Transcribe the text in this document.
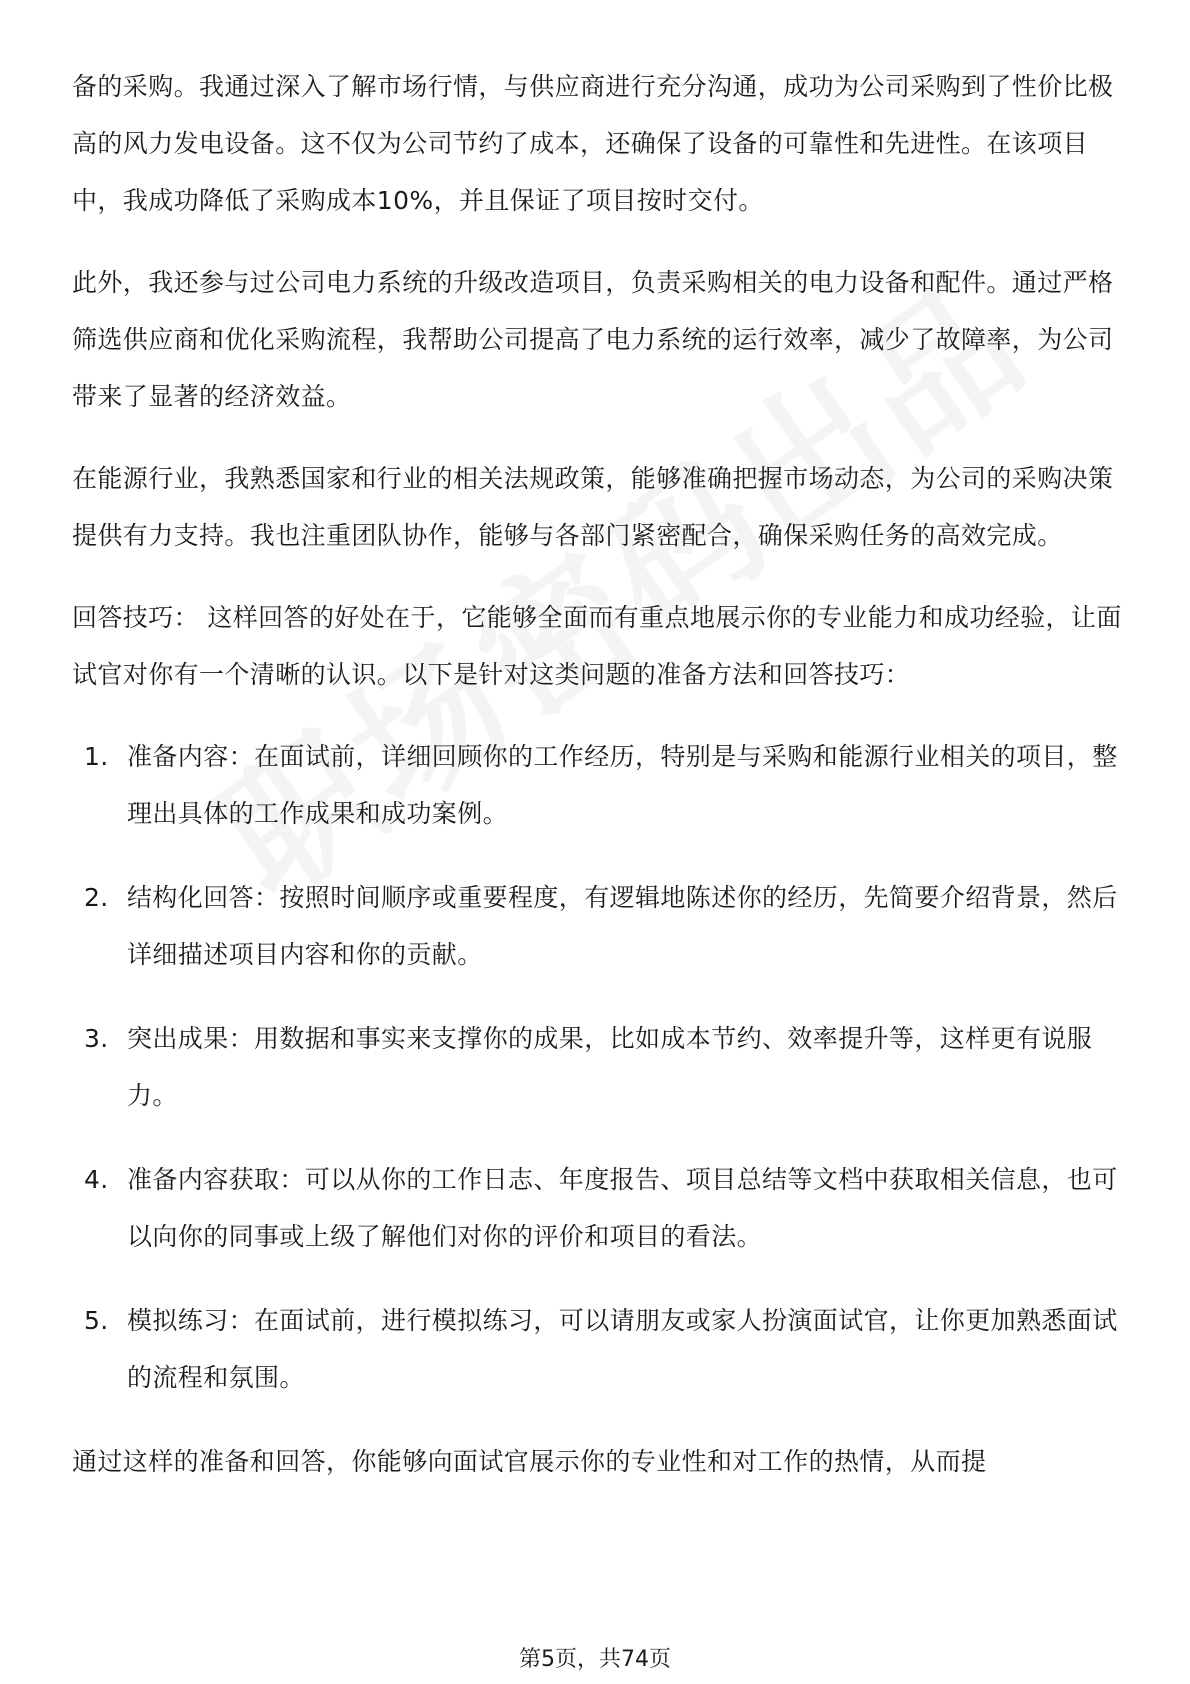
备的采购。我通过深入了解市场行情，与供应商进行充分沟通，成功为公司采购到了性价比极高的风力发电设备。这不仅为公司节约了成本，还确保了设备的可靠性和先进性。在该项目中，我成功降低了采购成本10%，并且保证了项目按时交付。

此外，我还参与过公司电力系统的升级改造项目，负责采购相关的电力设备和配件。通过严格筛选供应商和优化采购流程，我帮助公司提高了电力系统的运行效率，减少了故障率，为公司带来了显著的经济效益。

在能源行业，我熟悉国家和行业的相关法规政策，能够准确把握市场动态，为公司的采购决策提供有力支持。我也注重团队协作，能够与各部门紧密配合，确保采购任务的高效完成。

回答技巧： 这样回答的好处在于，它能够全面而有重点地展示你的专业能力和成功经验，让面试官对你有一个清晰的认识。以下是针对这类问题的准备方法和回答技巧：

1. 准备内容：在面试前，详细回顾你的工作经历，特别是与采购和能源行业相关的项目，整理出具体的工作成果和成功案例。
2. 结构化回答：按照时间顺序或重要程度，有逻辑地陈述你的经历，先简要介绍背景，然后详细描述项目内容和你的贡献。
3. 突出成果：用数据和事实来支撑你的成果，比如成本节约、效率提升等，这样更有说服力。
4. 准备内容获取：可以从你的工作日志、年度报告、项目总结等文档中获取相关信息，也可以向你的同事或上级了解他们对你的评价和项目的看法。
5. 模拟练习：在面试前，进行模拟练习，可以请朋友或家人扮演面试官，让你更加熟悉面试的流程和氛围。

通过这样的准备和回答，你能够向面试官展示你的专业性和对工作的热情，从而提

第5页，共74页
